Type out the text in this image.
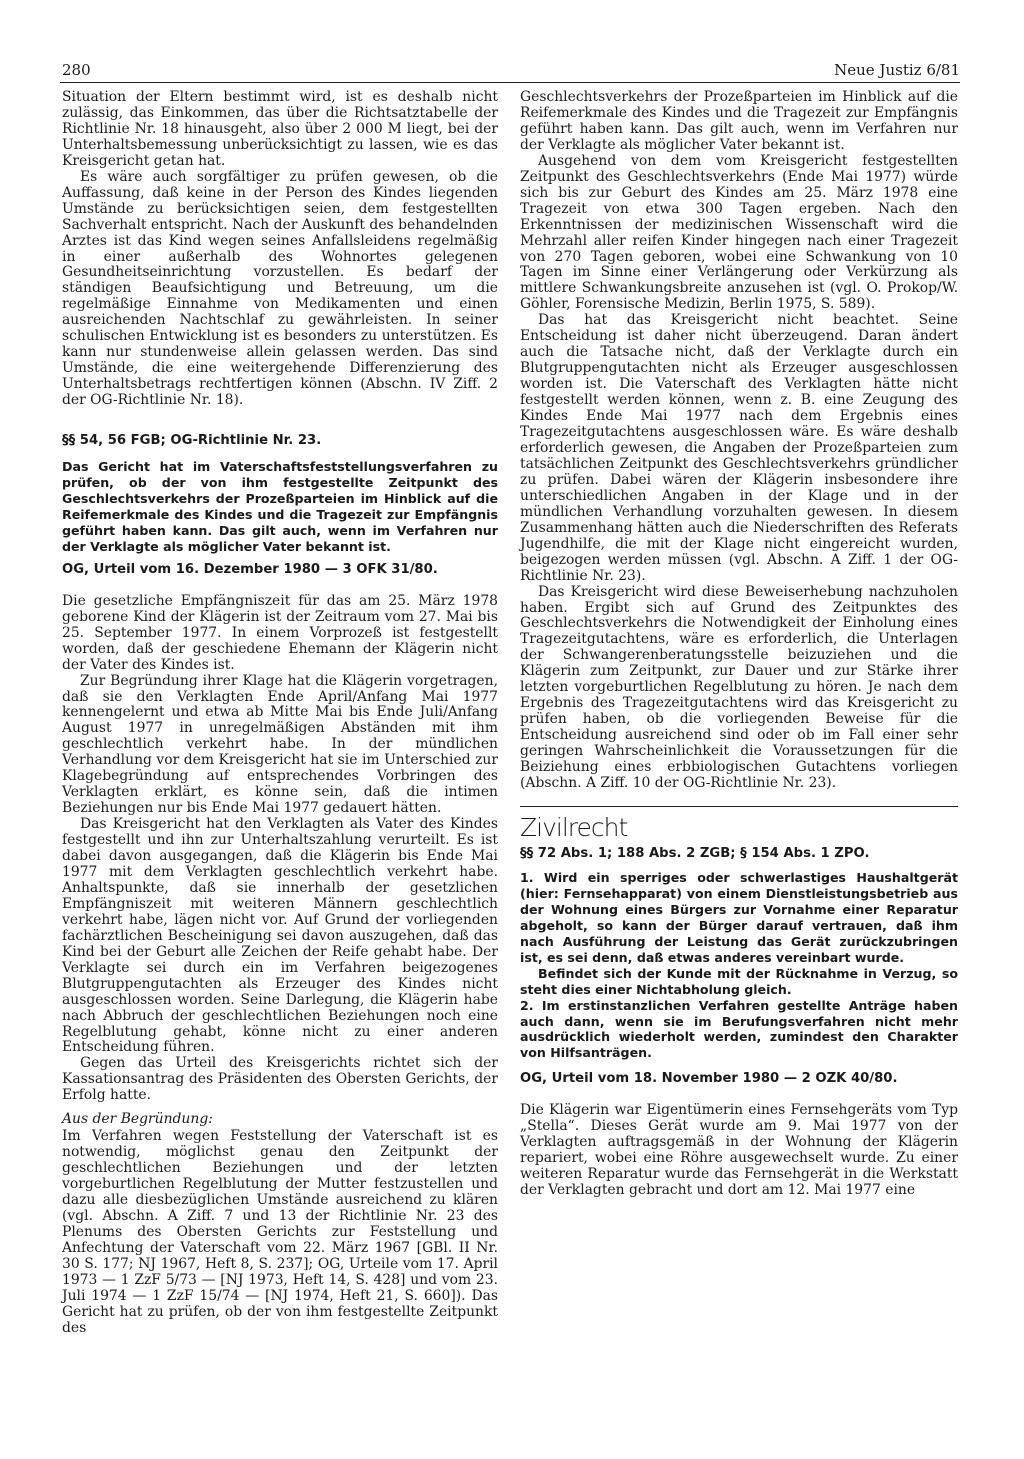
280	Neue Justiz 6/81

Situation der Eltern bestimmt wird, ist es deshalb nicht zulässig, das Einkommen, das über die Richtsatztabelle der Richtlinie Nr. 18 hinausgeht, also über 2 000 M liegt, bei der Unterhaltsbemessung unberücksichtigt zu lassen, wie es das Kreisgericht getan hat.

Es wäre auch sorgfältiger zu prüfen gewesen, ob die Auffassung, daß keine in der Person des Kindes liegenden Umstände zu berücksichtigen seien, dem festgestellten Sachverhalt entspricht. Nach der Auskunft des behandelnden Arztes ist das Kind wegen seines Anfallsleidens regelmäßig in einer außerhalb des Wohnortes gelegenen Gesundheitseinrichtung vorzustellen. Es bedarf der ständigen Beaufsichtigung und Betreuung, um die regelmäßige Einnahme von Medikamenten und einen ausreichenden Nachtschlaf zu gewährleisten. In seiner schulischen Entwicklung ist es besonders zu unterstützen. Es kann nur stundenweise allein gelassen werden. Das sind Umstände, die eine weitergehende Differenzierung des Unterhaltsbetrags rechtfertigen können (Abschn. IV Ziff. 2 der OG-Richtlinie Nr. 18).

§§ 54, 56 FGB; OG-Richtlinie Nr. 23.

Das Gericht hat im Vaterschaftsfeststellungsverfahren zu prüfen, ob der von ihm festgestellte Zeitpunkt des Geschlechtsverkehrs der Prozeßparteien im Hinblick auf die Reifemerkmale des Kindes und die Tragezeit zur Empfängnis geführt haben kann. Das gilt auch, wenn im Verfahren nur der Verklagte als möglicher Vater bekannt ist.

OG, Urteil vom 16. Dezember 1980 — 3 OFK 31/80.

Die gesetzliche Empfängniszeit für das am 25. März 1978 geborene Kind der Klägerin ist der Zeitraum vom 27. Mai bis 25. September 1977. In einem Vorprozeß ist festgestellt worden, daß der geschiedene Ehemann der Klägerin nicht der Vater des Kindes ist.

Zur Begründung ihrer Klage hat die Klägerin vorgetragen, daß sie den Verklagten Ende April/Anfang Mai 1977 kennengelernt und etwa ab Mitte Mai bis Ende Juli/Anfang August 1977 in unregelmäßigen Abständen mit ihm geschlechtlich verkehrt habe. In der mündlichen Verhandlung vor dem Kreisgericht hat sie im Unterschied zur Klagebegründung auf entsprechendes Vorbringen des Verklagten erklärt, es könne sein, daß die intimen Beziehungen nur bis Ende Mai 1977 gedauert hätten.

Das Kreisgericht hat den Verklagten als Vater des Kindes festgestellt und ihn zur Unterhaltszahlung verurteilt. Es ist dabei davon ausgegangen, daß die Klägerin bis Ende Mai 1977 mit dem Verklagten geschlechtlich verkehrt habe. Anhaltspunkte, daß sie innerhalb der gesetzlichen Empfängniszeit mit weiteren Männern geschlechtlich verkehrt habe, lägen nicht vor. Auf Grund der vorliegenden fachärztlichen Bescheinigung sei davon auszugehen, daß das Kind bei der Geburt alle Zeichen der Reife gehabt habe. Der Verklagte sei durch ein im Verfahren beigezogenes Blutgruppengutachten als Erzeuger des Kindes nicht ausgeschlossen worden. Seine Darlegung, die Klägerin habe nach Abbruch der geschlechtlichen Beziehungen noch eine Regelblutung gehabt, könne nicht zu einer anderen Entscheidung führen.

Gegen das Urteil des Kreisgerichts richtet sich der Kassationsantrag des Präsidenten des Obersten Gerichts, der Erfolg hatte.

Aus der Begründung:

Im Verfahren wegen Feststellung der Vaterschaft ist es notwendig, möglichst genau den Zeitpunkt der geschlechtlichen Beziehungen und der letzten vorgeburtlichen Regelblutung der Mutter festzustellen und dazu alle diesbezüglichen Umstände ausreichend zu klären (vgl. Abschn. A Ziff. 7 und 13 der Richtlinie Nr. 23 des Plenums des Obersten Gerichts zur Feststellung und Anfechtung der Vaterschaft vom 22. März 1967 [GBl. II Nr. 30 S. 177; NJ 1967, Heft 8, S. 237]; OG, Urteile vom 17. April 1973 — 1 ZzF 5/73 — [NJ 1973, Heft 14, S. 428] und vom 23. Juli 1974 — 1 ZzF 15/74 — [NJ 1974, Heft 21, S. 660]). Das Gericht hat zu prüfen, ob der von ihm festgestellte Zeitpunkt des

Geschlechtsverkehrs der Prozeßparteien im Hinblick auf die Reifemerkmale des Kindes und die Tragezeit zur Empfängnis geführt haben kann. Das gilt auch, wenn im Verfahren nur der Verklagte als möglicher Vater bekannt ist.

Ausgehend von dem vom Kreisgericht festgestellten Zeitpunkt des Geschlechtsverkehrs (Ende Mai 1977) würde sich bis zur Geburt des Kindes am 25. März 1978 eine Tragezeit von etwa 300 Tagen ergeben. Nach den Erkenntnissen der medizinischen Wissenschaft wird die Mehrzahl aller reifen Kinder hingegen nach einer Tragezeit von 270 Tagen geboren, wobei eine Schwankung von 10 Tagen im Sinne einer Verlängerung oder Verkürzung als mittlere Schwankungsbreite anzusehen ist (vgl. O. Prokop/W. Göhler, Forensische Medizin, Berlin 1975, S. 589).

Das hat das Kreisgericht nicht beachtet. Seine Entscheidung ist daher nicht überzeugend. Daran ändert auch die Tatsache nicht, daß der Verklagte durch ein Blutgruppengutachten nicht als Erzeuger ausgeschlossen worden ist. Die Vaterschaft des Verklagten hätte nicht festgestellt werden können, wenn z. B. eine Zeugung des Kindes Ende Mai 1977 nach dem Ergebnis eines Tragezeitgutachtens ausgeschlossen wäre. Es wäre deshalb erforderlich gewesen, die Angaben der Prozeßparteien zum tatsächlichen Zeitpunkt des Geschlechtsverkehrs gründlicher zu prüfen. Dabei wären der Klägerin insbesondere ihre unterschiedlichen Angaben in der Klage und in der mündlichen Verhandlung vorzuhalten gewesen. In diesem Zusammenhang hätten auch die Niederschriften des Referats Jugendhilfe, die mit der Klage nicht eingereicht wurden, beigezogen werden müssen (vgl. Abschn. A Ziff. 1 der OG-Richtlinie Nr. 23).

Das Kreisgericht wird diese Beweiserhebung nachzuholen haben. Ergibt sich auf Grund des Zeitpunktes des Geschlechtsverkehrs die Notwendigkeit der Einholung eines Tragezeitgutachtens, wäre es erforderlich, die Unterlagen der Schwangerenberatungsstelle beizuziehen und die Klägerin zum Zeitpunkt, zur Dauer und zur Stärke ihrer letzten vorgeburtlichen Regelblutung zu hören. Je nach dem Ergebnis des Tragezeitgutachtens wird das Kreisgericht zu prüfen haben, ob die vorliegenden Beweise für die Entscheidung ausreichend sind oder ob im Fall einer sehr geringen Wahrscheinlichkeit die Voraussetzungen für die Beiziehung eines erbbiologischen Gutachtens vorliegen (Abschn. A Ziff. 10 der OG-Richtlinie Nr. 23).

Zivilrecht

§§ 72 Abs. 1; 188 Abs. 2 ZGB; § 154 Abs. 1 ZPO.

1. Wird ein sperriges oder schwerlastiges Haushaltgerät (hier: Fernsehapparat) von einem Dienstleistungsbetrieb aus der Wohnung eines Bürgers zur Vornahme einer Reparatur abgeholt, so kann der Bürger darauf vertrauen, daß ihm nach Ausführung der Leistung das Gerät zurückzubringen ist, es sei denn, daß etwas anderes vereinbart wurde.

Befindet sich der Kunde mit der Rücknahme in Verzug, so steht dies einer Nichtabholung gleich.

2. Im erstinstanzlichen Verfahren gestellte Anträge haben auch dann, wenn sie im Berufungsverfahren nicht mehr ausdrücklich wiederholt werden, zumindest den Charakter von Hilfsanträgen.

OG, Urteil vom 18. November 1980 — 2 OZK 40/80.

Die Klägerin war Eigentümerin eines Fernsehgeräts vom Typ „Stella“. Dieses Gerät wurde am 9. Mai 1977 von der Verklagten auftragsgemäß in der Wohnung der Klägerin repariert, wobei eine Röhre ausgewechselt wurde. Zu einer weiteren Reparatur wurde das Fernsehgerät in die Werkstatt der Verklagten gebracht und dort am 12. Mai 1977 eine
